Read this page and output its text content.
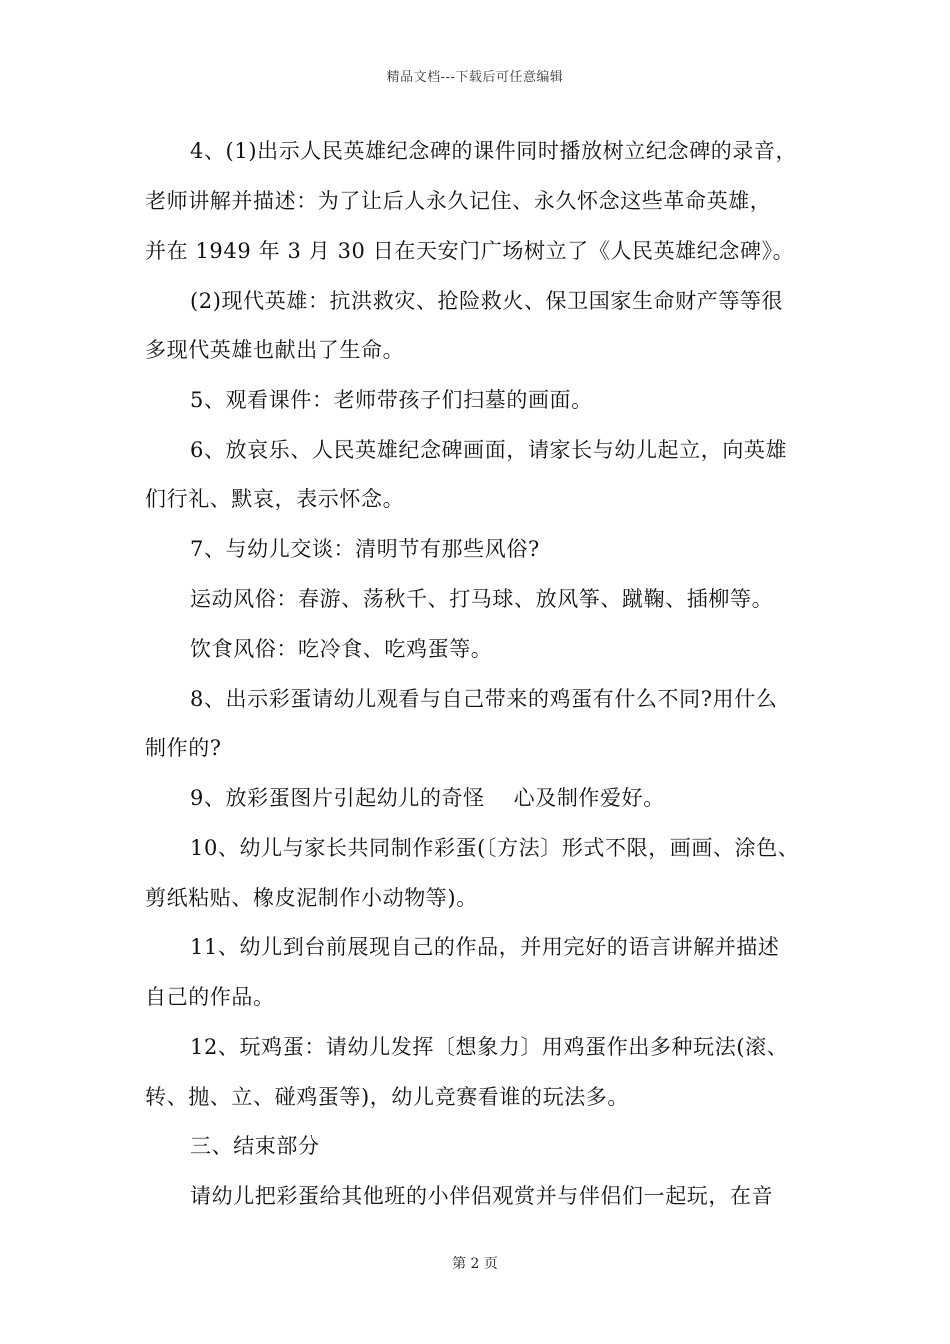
精品文档---下载后可任意编辑
4、(1)出示人民英雄纪念碑的课件同时播放树立纪念碑的录音，
老师讲解并描述：为了让后人永久记住、永久怀念这些革命英雄，
并在 1949 年 3 月 30 日在天安门广场树立了《人民英雄纪念碑》。
(2)现代英雄：抗洪救灾、抢险救火、保卫国家生命财产等等很
多现代英雄也献出了生命。
5、观看课件：老师带孩子们扫墓的画面。
6、放哀乐、人民英雄纪念碑画面，请家长与幼儿起立，向英雄
们行礼、默哀，表示怀念。
7、与幼儿交谈：清明节有那些风俗?
运动风俗：春游、荡秋千、打马球、放风筝、蹴鞠、插柳等。
饮食风俗：吃冷食、吃鸡蛋等。
8、出示彩蛋请幼儿观看与自己带来的鸡蛋有什么不同?用什么
制作的?
9、放彩蛋图片引起幼儿的奇怪　 心及制作爱好。
10、幼儿与家长共同制作彩蛋(〔方法〕形式不限，画画、涂色、
剪纸粘贴、橡皮泥制作小动物等)。
11、幼儿到台前展现自己的作品，并用完好的语言讲解并描述
自己的作品。
12、玩鸡蛋：请幼儿发挥〔想象力〕用鸡蛋作出多种玩法(滚、
转、抛、立、碰鸡蛋等)，幼儿竞赛看谁的玩法多。
三、结束部分
请幼儿把彩蛋给其他班的小伴侣观赏并与伴侣们一起玩，在音
第 2 页
